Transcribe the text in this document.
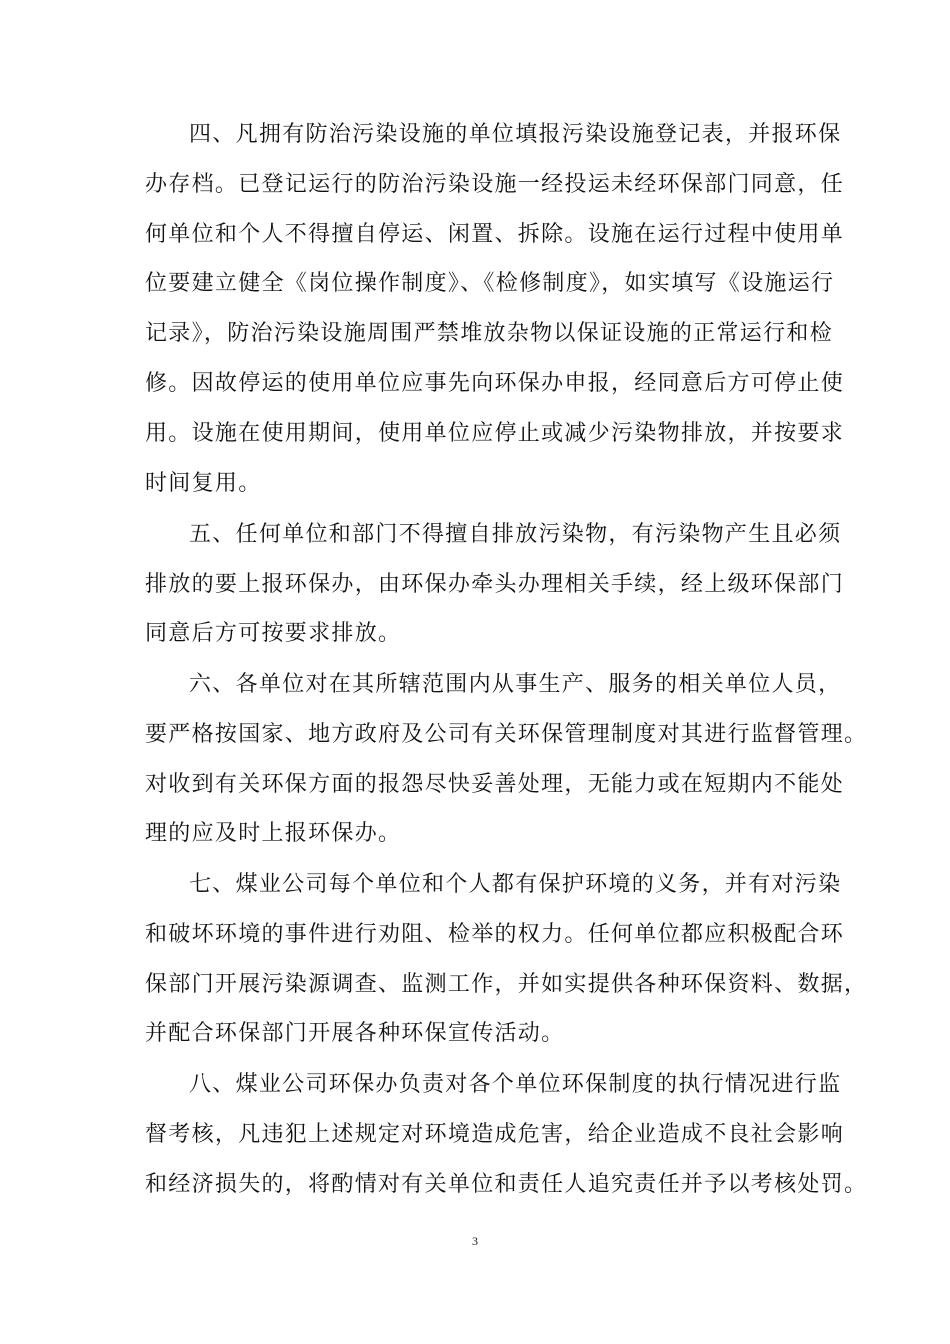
四、凡拥有防治污染设施的单位填报污染设施登记表，并报环保
办存档。已登记运行的防治污染设施一经投运未经环保部门同意，任
何单位和个人不得擅自停运、闲置、拆除。设施在运行过程中使用单
位要建立健全《岗位操作制度》、《检修制度》，如实填写《设施运行
记录》，防治污染设施周围严禁堆放杂物以保证设施的正常运行和检
修。因故停运的使用单位应事先向环保办申报，经同意后方可停止使
用。设施在使用期间，使用单位应停止或减少污染物排放，并按要求
时间复用。
五、任何单位和部门不得擅自排放污染物，有污染物产生且必须
排放的要上报环保办，由环保办牵头办理相关手续，经上级环保部门
同意后方可按要求排放。
六、各单位对在其所辖范围内从事生产、服务的相关单位人员，
要严格按国家、地方政府及公司有关环保管理制度对其进行监督管理。
对收到有关环保方面的报怨尽快妥善处理，无能力或在短期内不能处
理的应及时上报环保办。
七、煤业公司每个单位和个人都有保护环境的义务，并有对污染
和破坏环境的事件进行劝阻、检举的权力。任何单位都应积极配合环
保部门开展污染源调查、监测工作，并如实提供各种环保资料、数据，
并配合环保部门开展各种环保宣传活动。
八、煤业公司环保办负责对各个单位环保制度的执行情况进行监
督考核，凡违犯上述规定对环境造成危害，给企业造成不良社会影响
和经济损失的，将酌情对有关单位和责任人追究责任并予以考核处罚。
3
